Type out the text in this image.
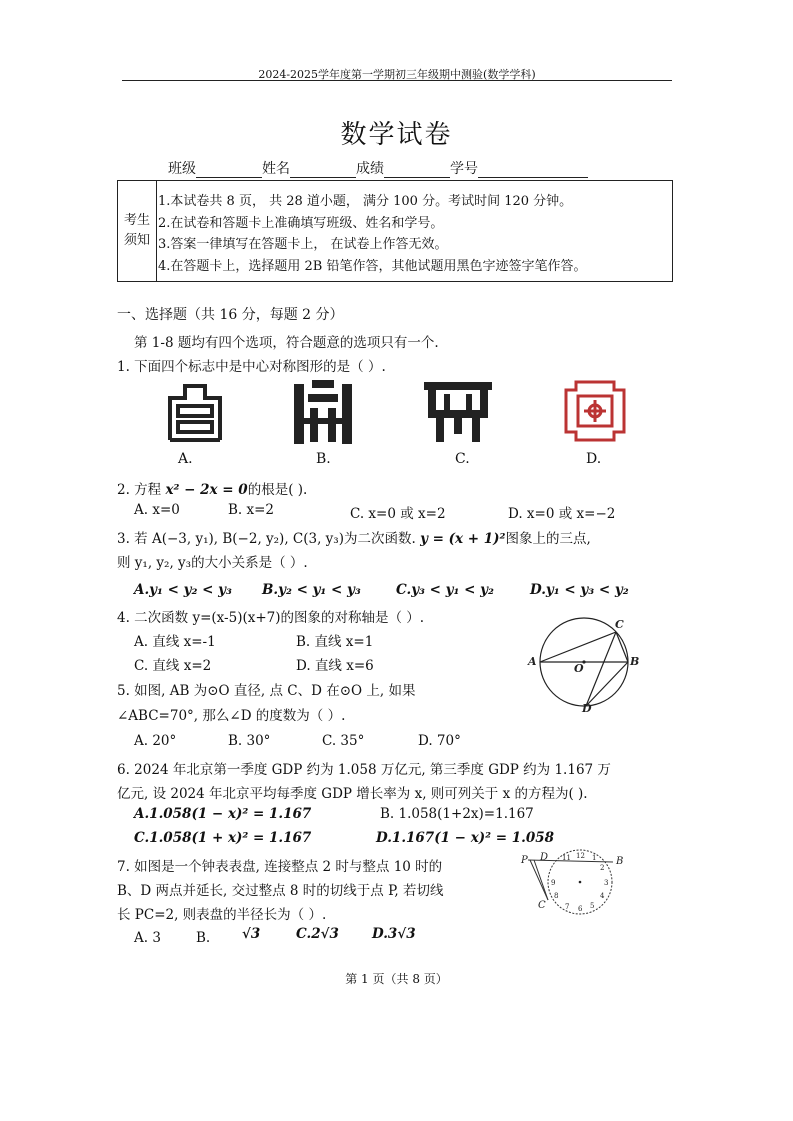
2024-2025学年度第一学期初三年级期中测验(数学学科)
数学试卷
班级	姓名	成绩	学号
考生须知
1.本试卷共 8 页， 共 28 道小题， 满分 100 分。考试时间 120 分钟。
2.在试卷和答题卡上准确填写班级、姓名和学号。
3.答案一律填写在答题卡上， 在试卷上作答无效。
4.在答题卡上，选择题用 2B 铅笔作答，其他试题用黑色字迹签字笔作答。
一、选择题（共 16 分，每题 2 分）
第 1-8 题均有四个选项，符合题意的选项只有一个.
1. 下面四个标志中是中心对称图形的是（ ）.
A.	B.	C.	D.
2. 方程 x² − 2x = 0的根是( ).
A. x=0	B. x=2	C. x=0 或 x=2	D. x=0 或 x=−2
3. 若 A(−3, y₁), B(−2, y₂), C(3, y₃)为二次函数. y = (x + 1)²图象上的三点,
则 y₁, y₂, y₃的大小关系是（ ）.
A.y₁ < y₂ < y₃ B.y₂ < y₁ < y₃	C.y₃ < y₁ < y₂	D.y₁ < y₃ < y₂
4. 二次函数 y=(x-5)(x+7)的图象的对称轴是（ ）.
A. 直线 x=-1	B. 直线 x=1
C. 直线 x=2	D. 直线 x=6	A	B
C
D
O
5. 如图, AB 为⊙O 直径, 点 C、D 在⊙O 上, 如果
∠ABC=70°, 那么∠D 的度数为（ ）.
A. 20°	B. 30°	C. 35°	D. 70°
6. 2024 年北京第一季度 GDP 约为 1.058 万亿元, 第三季度 GDP 约为 1.167 万
亿元, 设 2024 年北京平均每季度 GDP 增长率为 x, 则可列关于 x 的方程为( ).
A.1.058(1 − x)² = 1.167	B. 1.058(1+2x)=1.167
C.1.058(1 + x)² = 1.167	D.1.167(1 − x)² = 1.058
7. 如图是一个钟表表盘, 连接整点 2 时与整点 10 时的
B、D 两点并延长, 交过整点 8 时的切线于点 P, 若切线
长 PC=2, 则表盘的半径长为（ ）.
A. 3	B. √3	C.2√3 D.3√3
P D	B
C
11 12 1
2
3
4
5
6
7
8
9
第 1 页（共 8 页）
